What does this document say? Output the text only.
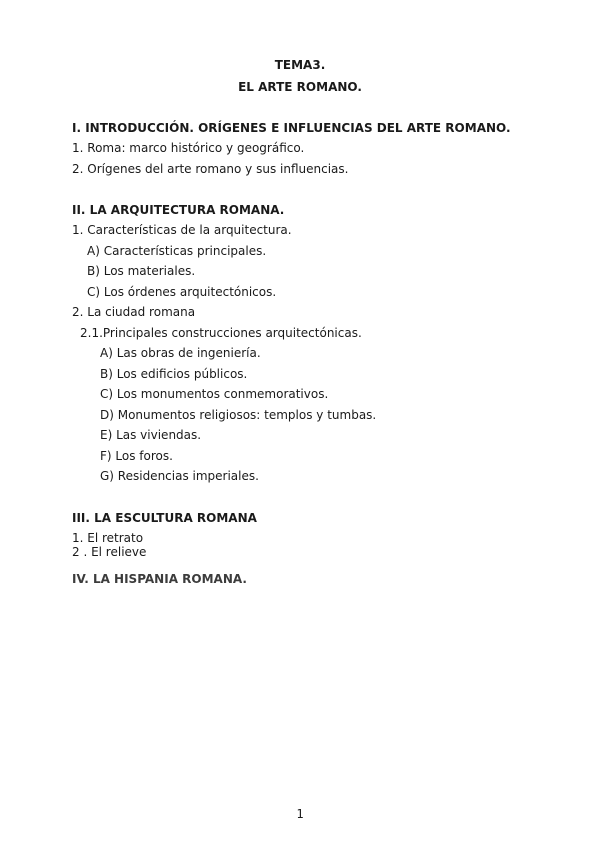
TEMA3.
EL ARTE ROMANO.
I. INTRODUCCIÓN. ORÍGENES E INFLUENCIAS DEL ARTE ROMANO.
1. Roma: marco histórico y geográfico.
2. Orígenes del arte romano y sus influencias.
II. LA ARQUITECTURA ROMANA.
1. Características de la arquitectura.
A) Características principales.
B) Los materiales.
C) Los órdenes arquitectónicos.
2. La ciudad romana
2.1.Principales construcciones arquitectónicas.
A) Las obras de ingeniería.
B) Los edificios públicos.
C) Los monumentos conmemorativos.
D) Monumentos religiosos: templos y tumbas.
E) Las viviendas.
F) Los foros.
G) Residencias imperiales.
III. LA ESCULTURA ROMANA
1. El retrato
2 . El relieve
IV. LA HISPANIA ROMANA.
1
